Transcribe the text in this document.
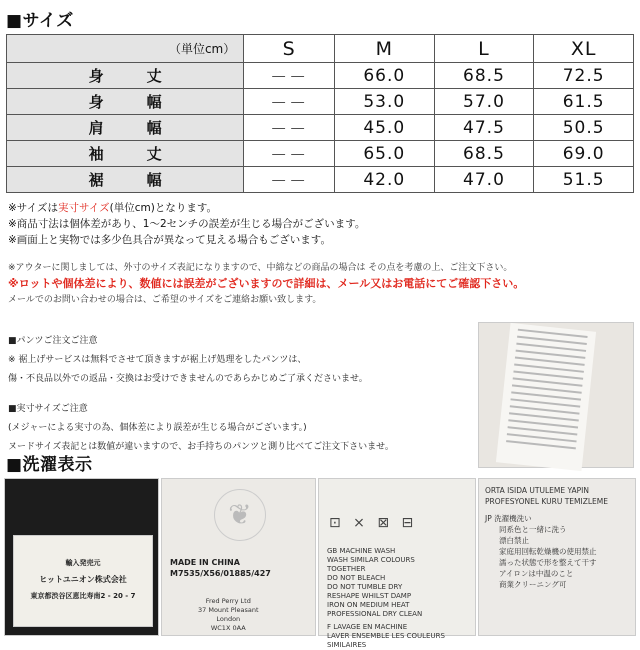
■サイズ
（単位cm）	S	M	L	XL
身　丈	－－	66.0	68.5	72.5
身　幅	－－	53.0	57.0	61.5
肩　幅	－－	45.0	47.5	50.5
袖　丈	－－	65.0	68.5	69.0
裾　幅	－－	42.0	47.0	51.5
※サイズは実寸サイズ(単位cm)となります。
※商品寸法は個体差があり、1～2センチの誤差が生じる場合がございます。
※画面上と実物では多少色具合が異なって見える場合もございます。
※アウターに関しましては、外寸のサイズ表記になりますので、中綿などの商品の場合は その点を考慮の上、ご注文下さい。
※ロットや個体差により、数値には誤差がございますので詳細は、メール又はお電話にてご確認下さい。
メールでのお問い合わせの場合は、ご希望のサイズをご連絡お願い致します。
■パンツご注文ご注意
※ 裾上げサービスは無料でさせて頂きますが裾上げ処理をしたパンツは、
傷・不良品以外での返品・交換はお受けできませんのであらかじめご了承くださいませ。
■実寸サイズご注意
(メジャーによる実寸の為、個体差により誤差が生じる場合がございます。)
ヌードサイズ表記とは数値が違いますので、お手持ちのパンツと測り比べてご注文下さいませ。
■洗濯表示
輸入発売元
ヒットユニオン株式会社
東京都渋谷区恵比寿南2 - 20 - 7
❦
MADE IN CHINA
M7535/X56/01885/427
Fred Perry Ltd
37 Mount Pleasant
London
WC1X 0AA
⊡ ⨯ ⊠ ⊟
GB MACHINE WASH
WASH SIMILAR COLOURS
TOGETHER
DO NOT BLEACH
DO NOT TUMBLE DRY
RESHAPE WHILST DAMP
IRON ON MEDIUM HEAT
PROFESSIONAL DRY CLEAN
F LAVAGE EN MACHINE
LAVER ENSEMBLE LES COULEURS
SIMILAIRES
ORTA ISIDA UTULEME YAPIN
PROFESYONEL KURU TEMIZLEME
JP 洗濯機洗い
同系色と一緒に洗う
漂白禁止
家庭用回転乾燥機の使用禁止
濡った状態で形を整えて干す
アイロンは中温のこと
商業クリーニング可
